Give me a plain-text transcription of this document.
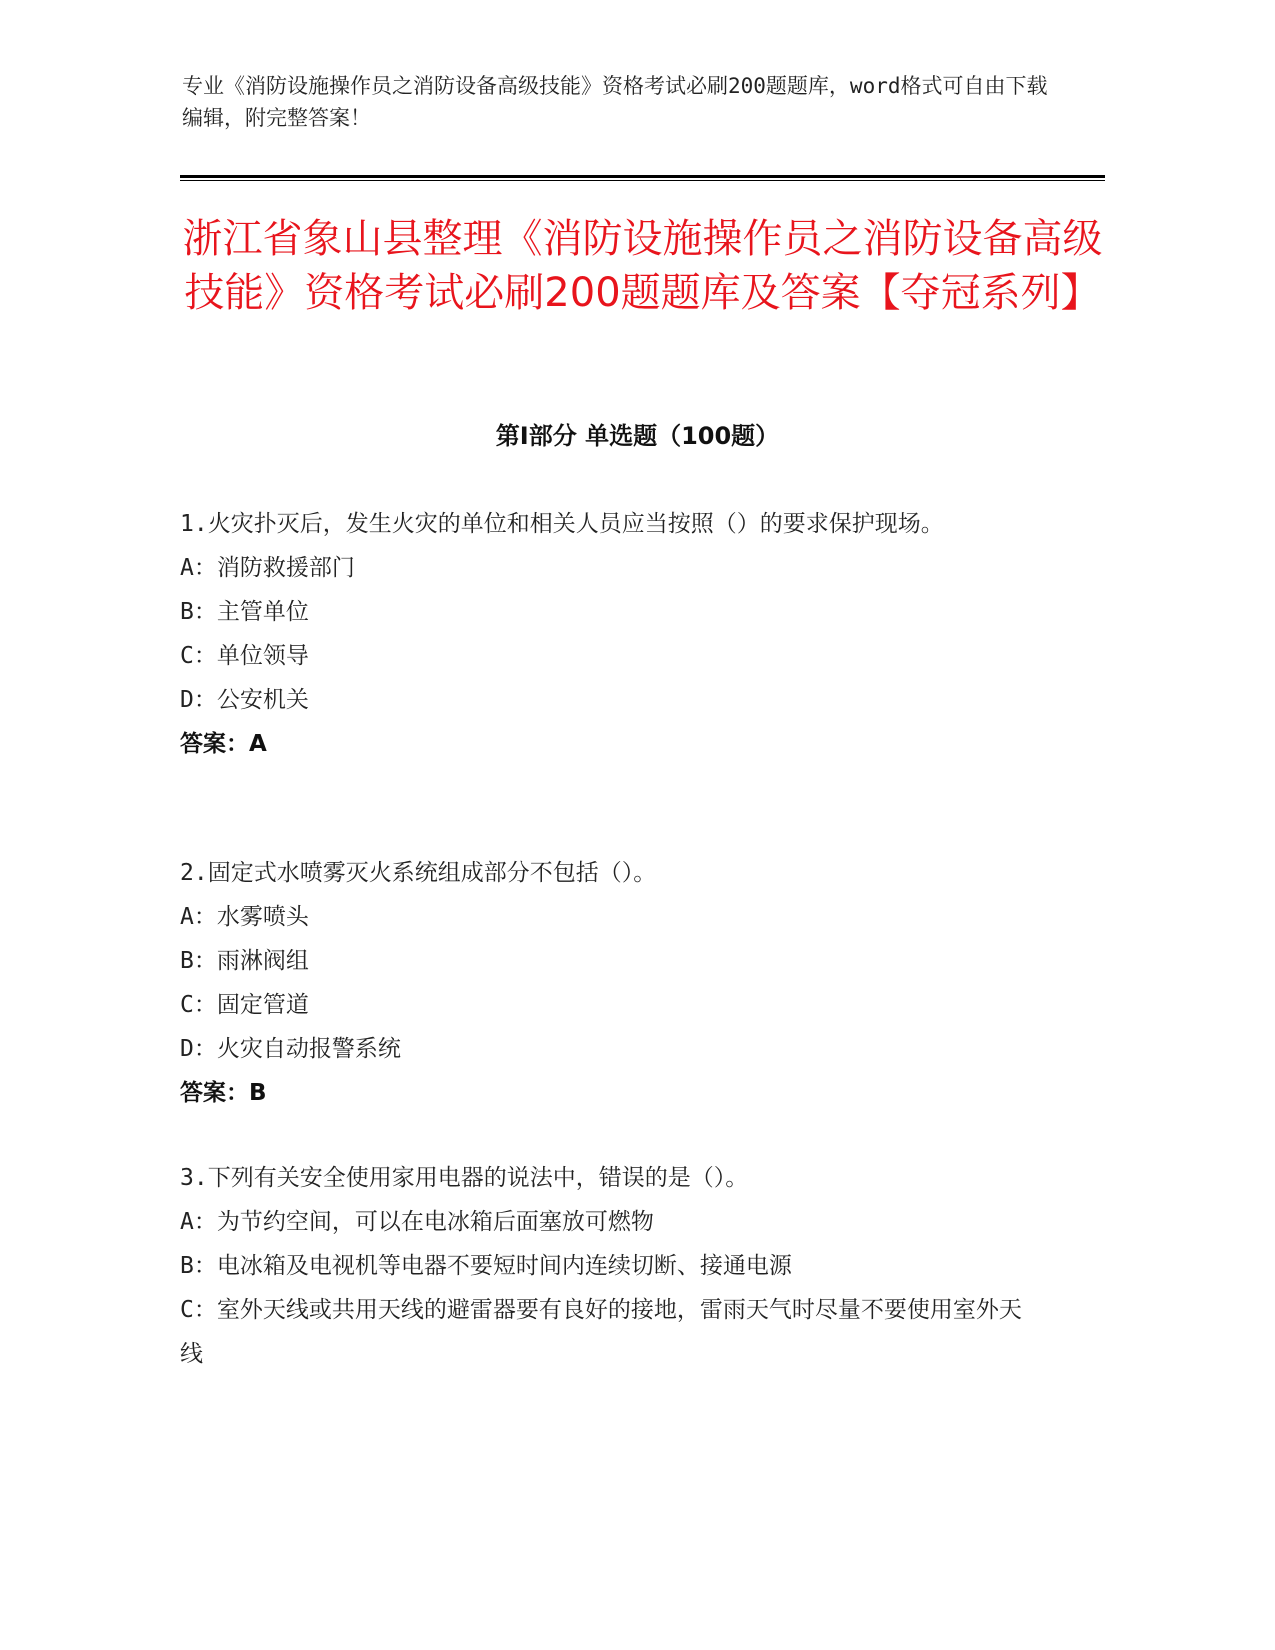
专业《消防设施操作员之消防设备高级技能》资格考试必刷200题题库，word格式可自由下载编辑，附完整答案！

浙江省象山县整理《消防设施操作员之消防设备高级技能》资格考试必刷200题题库及答案【夺冠系列】
第Ⅰ部分 单选题（100题）

1.火灾扑灭后，发生火灾的单位和相关人员应当按照（）的要求保护现场。

A：消防救援部门

B：主管单位

C：单位领导

D：公安机关

答案：A

2.固定式水喷雾灭火系统组成部分不包括（）。

A：水雾喷头

B：雨淋阀组

C：固定管道

D：火灾自动报警系统

答案：B

3.下列有关安全使用家用电器的说法中，错误的是（）。

A：为节约空间，可以在电冰箱后面塞放可燃物

B：电冰箱及电视机等电器不要短时间内连续切断、接通电源

C：室外天线或共用天线的避雷器要有良好的接地，雷雨天气时尽量不要使用室外天线
